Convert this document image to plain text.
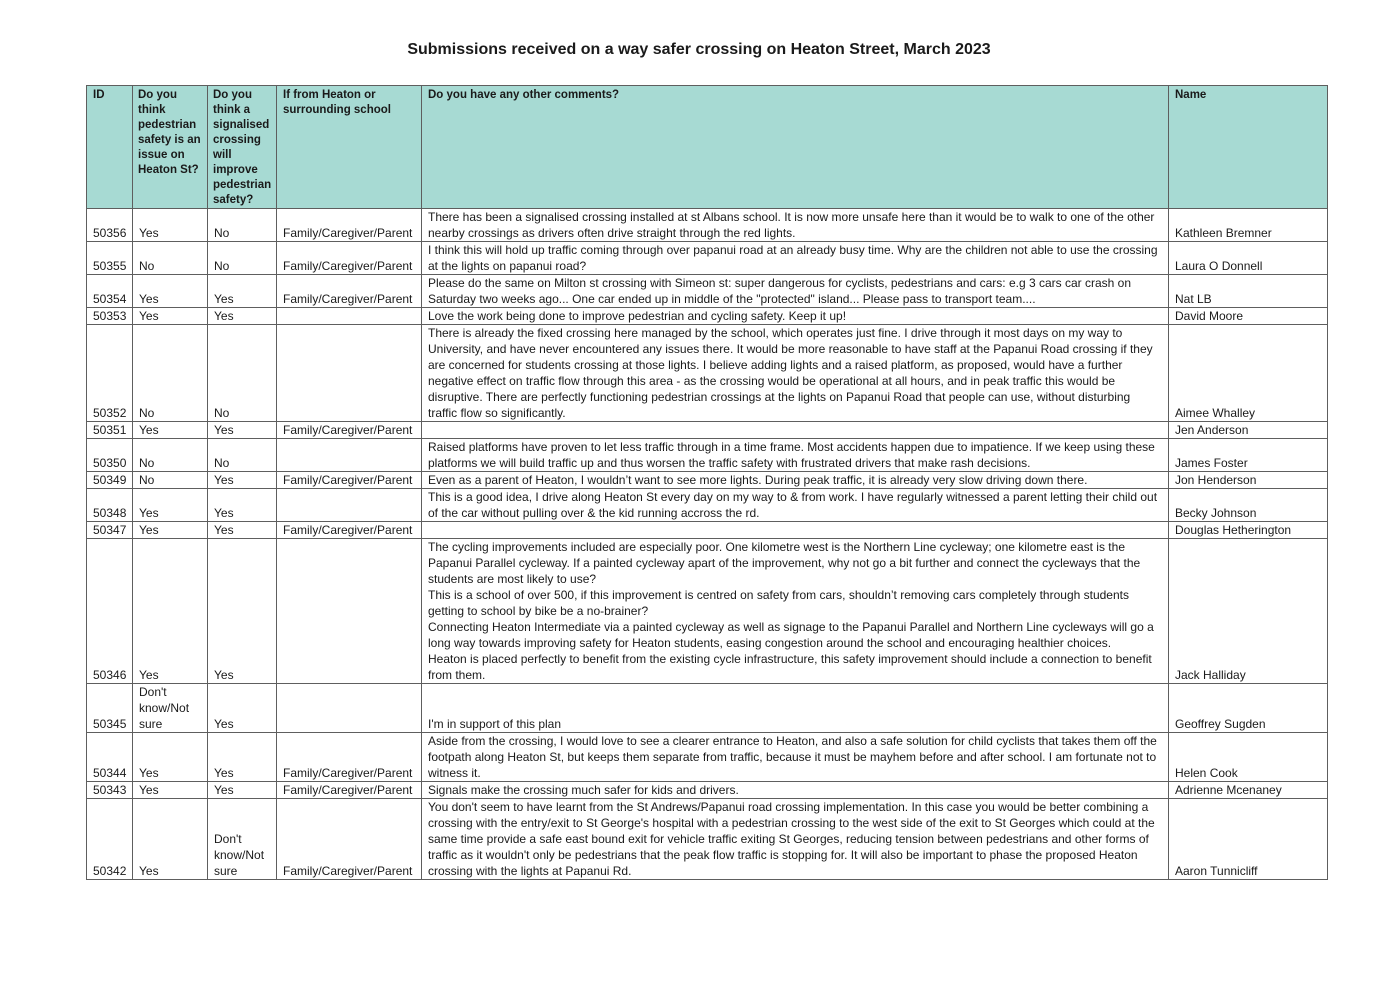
Submissions received on a way safer crossing on Heaton Street, March 2023
ID	Do you think pedestrian safety is an issue on Heaton St?	Do you think a signalised crossing will improve pedestrian safety?	If from Heaton or surrounding school	Do you have any other comments?	Name
50356	Yes	No	Family/Caregiver/Parent	There has been a signalised crossing installed at st Albans school. It is now more unsafe here than it would be to walk to one of the other nearby crossings as drivers often drive straight through the red lights.	Kathleen Bremner
50355	No	No	Family/Caregiver/Parent	I think this will hold up traffic coming through over papanui road at an already busy time. Why are the children not able to use the crossing at the lights on papanui road?	Laura O Donnell
50354	Yes	Yes	Family/Caregiver/Parent	Please do the same on Milton st crossing with Simeon st: super dangerous for cyclists, pedestrians and cars: e.g 3 cars car crash on Saturday two weeks ago... One car ended up in middle of the "protected" island... Please pass to transport team....	Nat LB
50353	Yes	Yes		Love the work being done to improve pedestrian and cycling safety. Keep it up!	David Moore
50352	No	No		There is already the fixed crossing here managed by the school, which operates just fine. I drive through it most days on my way to University, and have never encountered any issues there. It would be more reasonable to have staff at the Papanui Road crossing if they are concerned for students crossing at those lights. I believe adding lights and a raised platform, as proposed, would have a further negative effect on traffic flow through this area - as the crossing would be operational at all hours, and in peak traffic this would be disruptive. There are perfectly functioning pedestrian crossings at the lights on Papanui Road that people can use, without disturbing traffic flow so significantly.	Aimee Whalley
50351	Yes	Yes	Family/Caregiver/Parent		Jen Anderson
50350	No	No		Raised platforms have proven to let less traffic through in a time frame. Most accidents happen due to impatience. If we keep using these platforms we will build traffic up and thus worsen the traffic safety with frustrated drivers that make rash decisions.	James Foster
50349	No	Yes	Family/Caregiver/Parent	Even as a parent of Heaton, I wouldn’t want to see more lights. During peak traffic, it is already very slow driving down there.	Jon Henderson
50348	Yes	Yes		This is a good idea, I drive along Heaton St every day on my way to & from work. I have regularly witnessed a parent letting their child out of the car without pulling over & the kid running accross the rd.	Becky Johnson
50347	Yes	Yes	Family/Caregiver/Parent		Douglas Hetherington
50346	Yes	Yes		The cycling improvements included are especially poor. One kilometre west is the Northern Line cycleway; one kilometre east is the Papanui Parallel cycleway. If a painted cycleway apart of the improvement, why not go a bit further and connect the cycleways that the students are most likely to use?
This is a school of over 500, if this improvement is centred on safety from cars, shouldn’t removing cars completely through students getting to school by bike be a no-brainer?
Connecting Heaton Intermediate via a painted cycleway as well as signage to the Papanui Parallel and Northern Line cycleways will go a long way towards improving safety for Heaton students, easing congestion around the school and encouraging healthier choices.
Heaton is placed perfectly to benefit from the existing cycle infrastructure, this safety improvement should include a connection to benefit from them.	Jack Halliday
50345	Don't know/Not sure	Yes		I'm in support of this plan	Geoffrey Sugden
50344	Yes	Yes	Family/Caregiver/Parent	Aside from the crossing, I would love to see a clearer entrance to Heaton, and also a safe solution for child cyclists that takes them off the footpath along Heaton St, but keeps them separate from traffic, because it must be mayhem before and after school. I am fortunate not to witness it.	Helen Cook
50343	Yes	Yes	Family/Caregiver/Parent	Signals make the crossing much safer for kids and drivers.	Adrienne Mcenaney
50342	Yes	Don't know/Not sure	Family/Caregiver/Parent	You don't seem to have learnt from the St Andrews/Papanui road crossing implementation. In this case you would be better combining a crossing with the entry/exit to St George's hospital with a pedestrian crossing to the west side of the exit to St Georges which could at the same time provide a safe east bound exit for vehicle traffic exiting St Georges, reducing tension between pedestrians and other forms of traffic as it wouldn't only be pedestrians that the peak flow traffic is stopping for. It will also be important to phase the proposed Heaton crossing with the lights at Papanui Rd.	Aaron Tunnicliff
